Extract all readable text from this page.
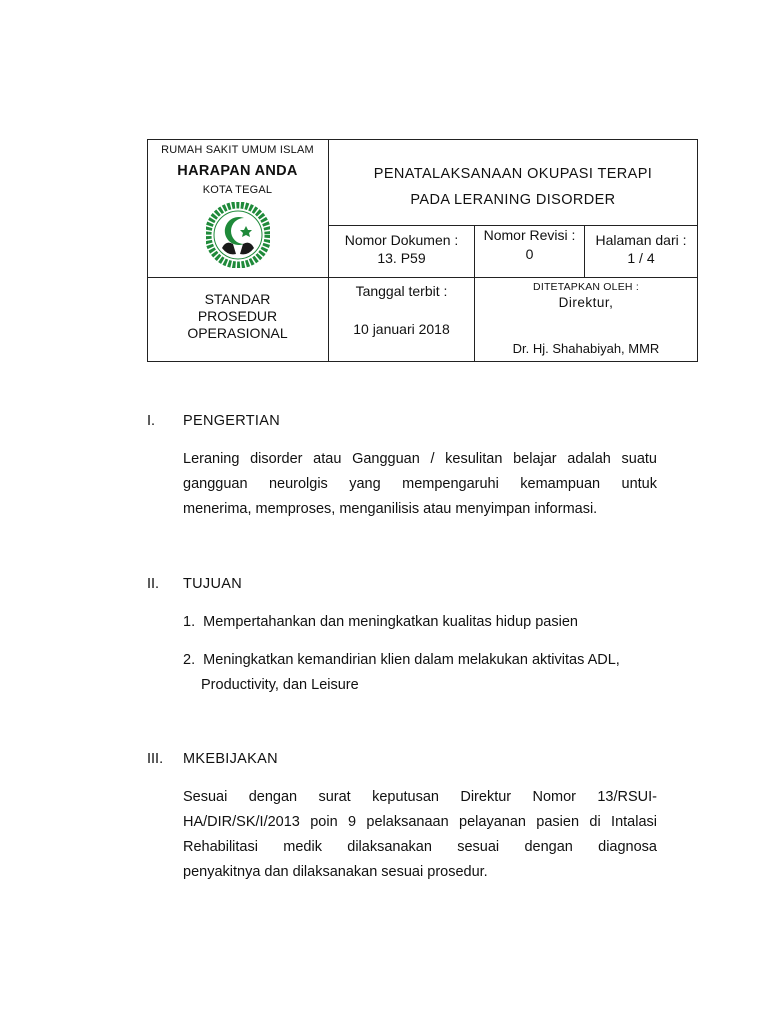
RUMAH SAKIT UMUM ISLAM
HARAPAN ANDA
KOTA TEGAL
PENATALAKSANAAN OKUPASI TERAPI
PADA LERANING DISORDER
Nomor Dokumen :
13. P59
Nomor Revisi :
0
Halaman dari :
1 / 4
STANDAR
PROSEDUR
OPERASIONAL
Tanggal terbit :
10 januari 2018
DITETAPKAN OLEH :
Direktur,
Dr. Hj. Shahabiyah, MMR
I. PENGERTIAN
Leraning disorder atau Gangguan / kesulitan belajar adalah suatu
gangguan neurolgis yang mempengaruhi kemampuan untuk
menerima, memproses, menganilisis atau menyimpan informasi.
II. TUJUAN
1. Mempertahankan dan meningkatkan kualitas hidup pasien
2. Meningkatkan kemandirian klien dalam melakukan aktivitas ADL,
Productivity, dan Leisure
III. MKEBIJAKAN
Sesuai dengan surat keputusan Direktur Nomor 13/RSUI-
HA/DIR/SK/I/2013 poin 9 pelaksanaan pelayanan pasien di Intalasi
Rehabilitasi medik dilaksanakan sesuai dengan diagnosa
penyakitnya dan dilaksanakan sesuai prosedur.
